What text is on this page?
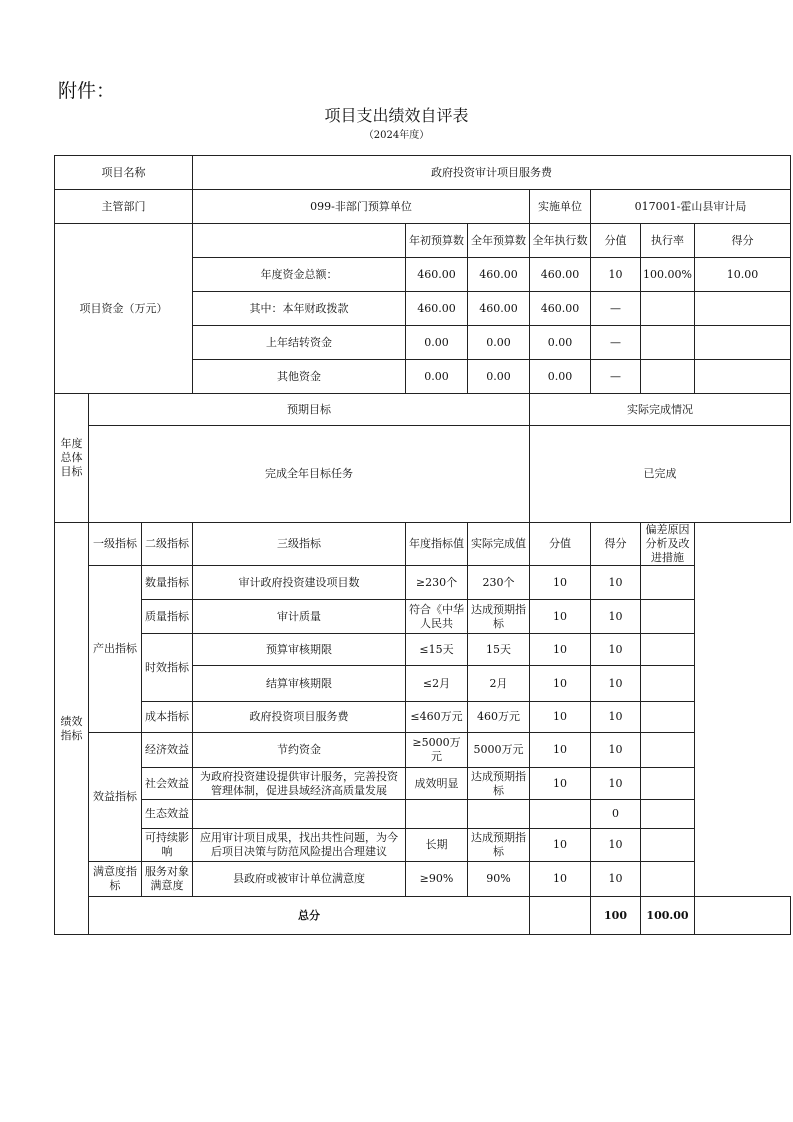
附件：
项目支出绩效自评表
（2024年度）
项目名称			政府投资审计项目服务费						
主管部门			099-非部门预算单位			实施单位	017001-霍山县审计局		
项目资金（万元）				年初预算数	全年预算数	全年执行数	分值	执行率	得分
			年度资金总额：	460.00	460.00	460.00	10	100.00%	10.00
			其中：本年财政拨款	460.00	460.00	460.00	—		
			上年结转资金	0.00	0.00	0.00	—		
			其他资金	0.00	0.00	0.00	—		
年度总体目标	预期目标					实际完成情况			
	完成全年目标任务					已完成			
绩效指标	一级指标	二级指标	三级指标	年度指标值	实际完成值	分值	得分	偏差原因分析及改进措施	
	产出指标	数量指标	审计政府投资建设项目数	≥230个	230个	10	10		
		质量指标	审计质量	符合《中华人民共	达成预期指标	10	10		
		时效指标	预算审核期限	≤15天	15天	10	10		
			结算审核期限	≤2月	2月	10	10		
		成本指标	政府投资项目服务费	≤460万元	460万元	10	10		
	效益指标	经济效益	节约资金	≥5000万元	5000万元	10	10		
		社会效益	为政府投资建设提供审计服务，完善投资管理体制，促进县域经济高质量发展	成效明显	达成预期指标	10	10		
		生态效益					0		
		可持续影响	应用审计项目成果，找出共性问题，为今后项目决策与防范风险提出合理建议	长期	达成预期指标	10	10		
	满意度指标	服务对象满意度	县政府或被审计单位满意度	≥90%	90%	10	10		
	总分						100	100.00	
